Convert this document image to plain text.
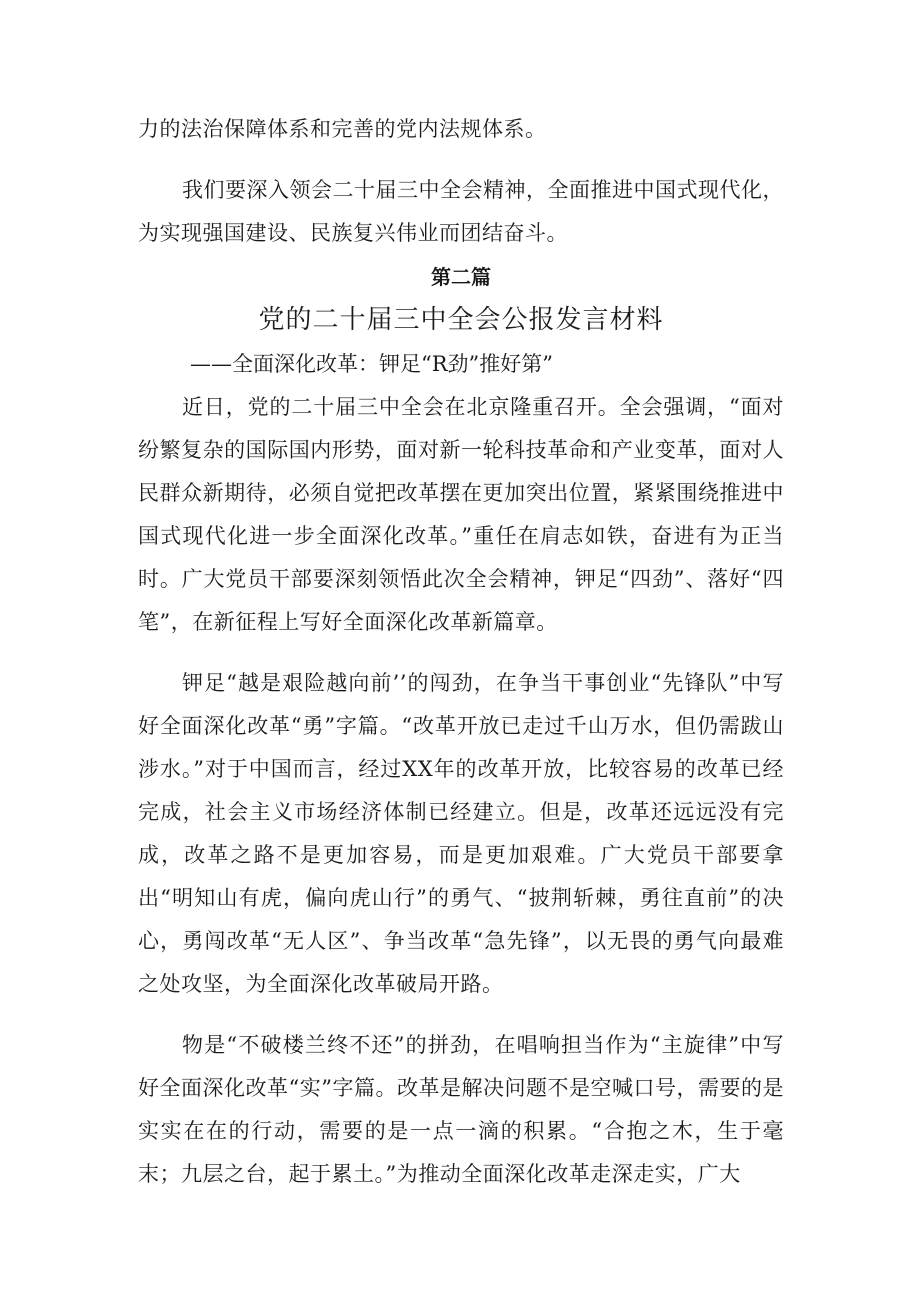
力的法治保障体系和完善的党内法规体系。

我们要深入领会二十届三中全会精神，全面推进中国式现代化，为实现强国建设、民族复兴伟业而团结奋斗。

第二篇

党的二十届三中全会公报发言材料

——全面深化改革：钾足“R劲”推好第”

近日，党的二十届三中全会在北京隆重召开。全会强调，“面对纷繁复杂的国际国内形势，面对新一轮科技革命和产业变革，面对人民群众新期待，必须自觉把改革摆在更加突出位置，紧紧围绕推进中国式现代化进一步全面深化改革。”重任在肩志如铁，奋进有为正当时。广大党员干部要深刻领悟此次全会精神，钾足“四劲”、落好“四笔”，在新征程上写好全面深化改革新篇章。

钾足“越是艰险越向前’’的闯劲，在争当干事创业“先锋队”中写好全面深化改革“勇”字篇。“改革开放已走过千山万水，但仍需跋山涉水。”对于中国而言，经过XX年的改革开放，比较容易的改革已经完成，社会主义市场经济体制已经建立。但是，改革还远远没有完成，改革之路不是更加容易，而是更加艰难。广大党员干部要拿出“明知山有虎，偏向虎山行”的勇气、“披荆斩棘，勇往直前”的决心，勇闯改革“无人区”、争当改革“急先锋”，以无畏的勇气向最难之处攻坚，为全面深化改革破局开路。

物是“不破楼兰终不还”的拼劲，在唱响担当作为“主旋律”中写好全面深化改革“实”字篇。改革是解决问题不是空喊口号，需要的是实实在在的行动，需要的是一点一滴的积累。“合抱之木，生于毫末；九层之台，起于累土。”为推动全面深化改革走深走实，广大
